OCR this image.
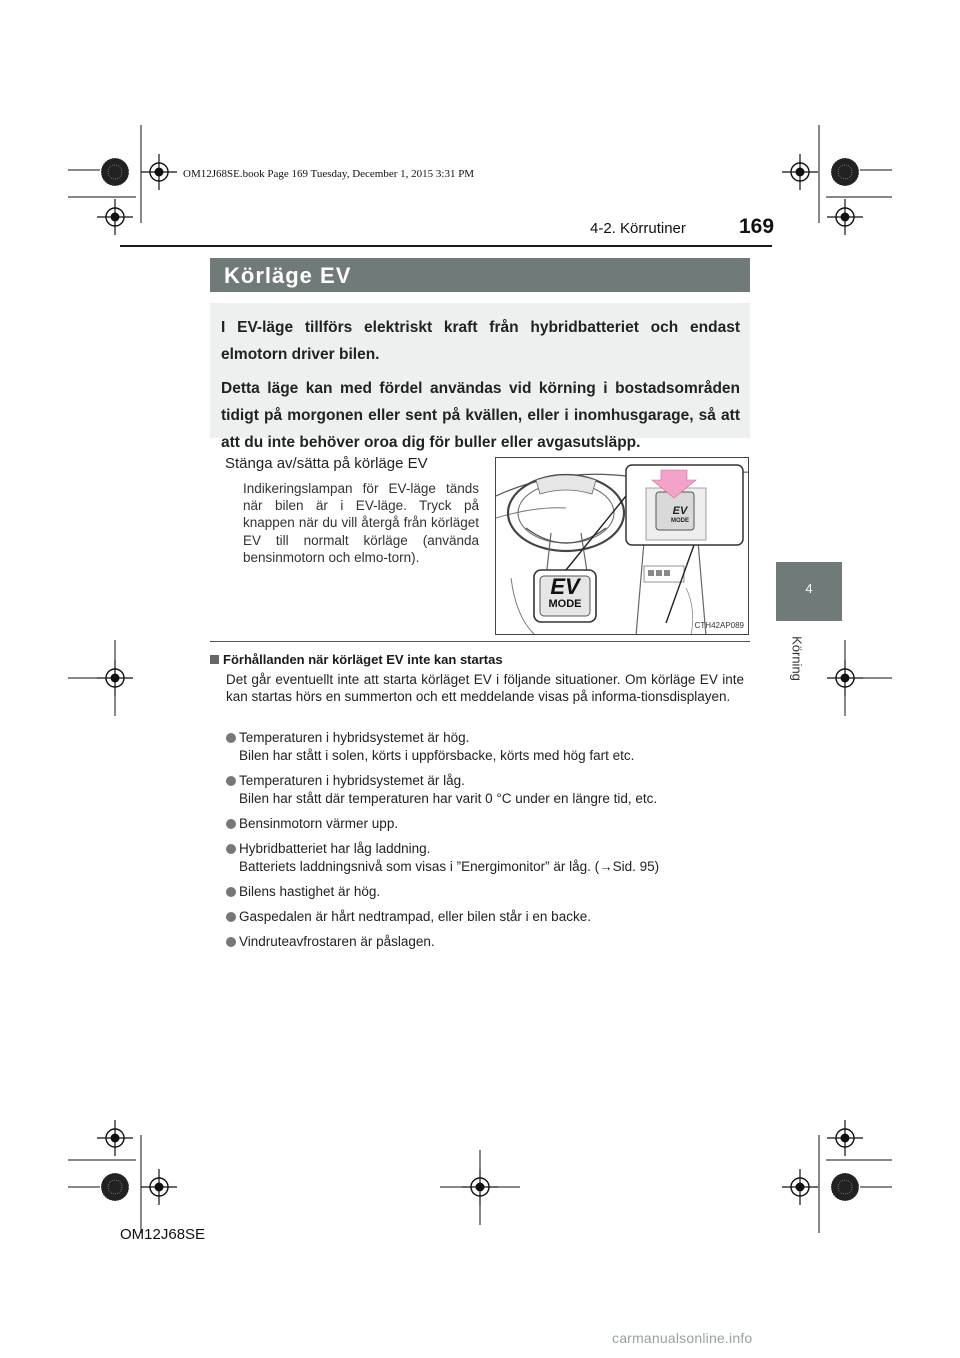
OM12J68SE.book Page 169 Tuesday, December 1, 2015 3:31 PM
4-2. Körrutiner	169
4
Körning
Körläge EV

I EV-läge tillförs elektriskt kraft från hybridbatteriet och endast elmotorn driver bilen.

Detta läge kan med fördel användas vid körning i bostadsområden tidigt på morgonen eller sent på kvällen, eller i inomhusgarage, så att att du inte behöver oroa dig för buller eller avgasutsläpp.

Stänga av/sätta på körläge EV
Indikeringslampan för EV-läge tänds när bilen är i EV-läge. Tryck på knappen när du vill återgå från körläget EV till normalt körläge (använda bensinmotorn och elmo-torn).
EV
MODE
EV
MODE
CTH42AP089
Förhållanden när körläget EV inte kan startas
Det går eventuellt inte att starta körläget EV i följande situationer. Om körläge EV inte kan startas hörs en summerton och ett meddelande visas på informa-tionsdisplayen.
Temperaturen i hybridsystemet är hög.
Bilen har stått i solen, körts i uppförsbacke, körts med hög fart etc.
Temperaturen i hybridsystemet är låg.
Bilen har stått där temperaturen har varit 0 °C under en längre tid, etc.
Bensinmotorn värmer upp.
Hybridbatteriet har låg laddning.
Batteriets laddningsnivå som visas i ”Energimonitor” är låg. (→Sid. 95)
Bilens hastighet är hög.
Gaspedalen är hårt nedtrampad, eller bilen står i en backe.
Vindruteavfrostaren är påslagen.
OM12J68SE
carmanualsonline.info
